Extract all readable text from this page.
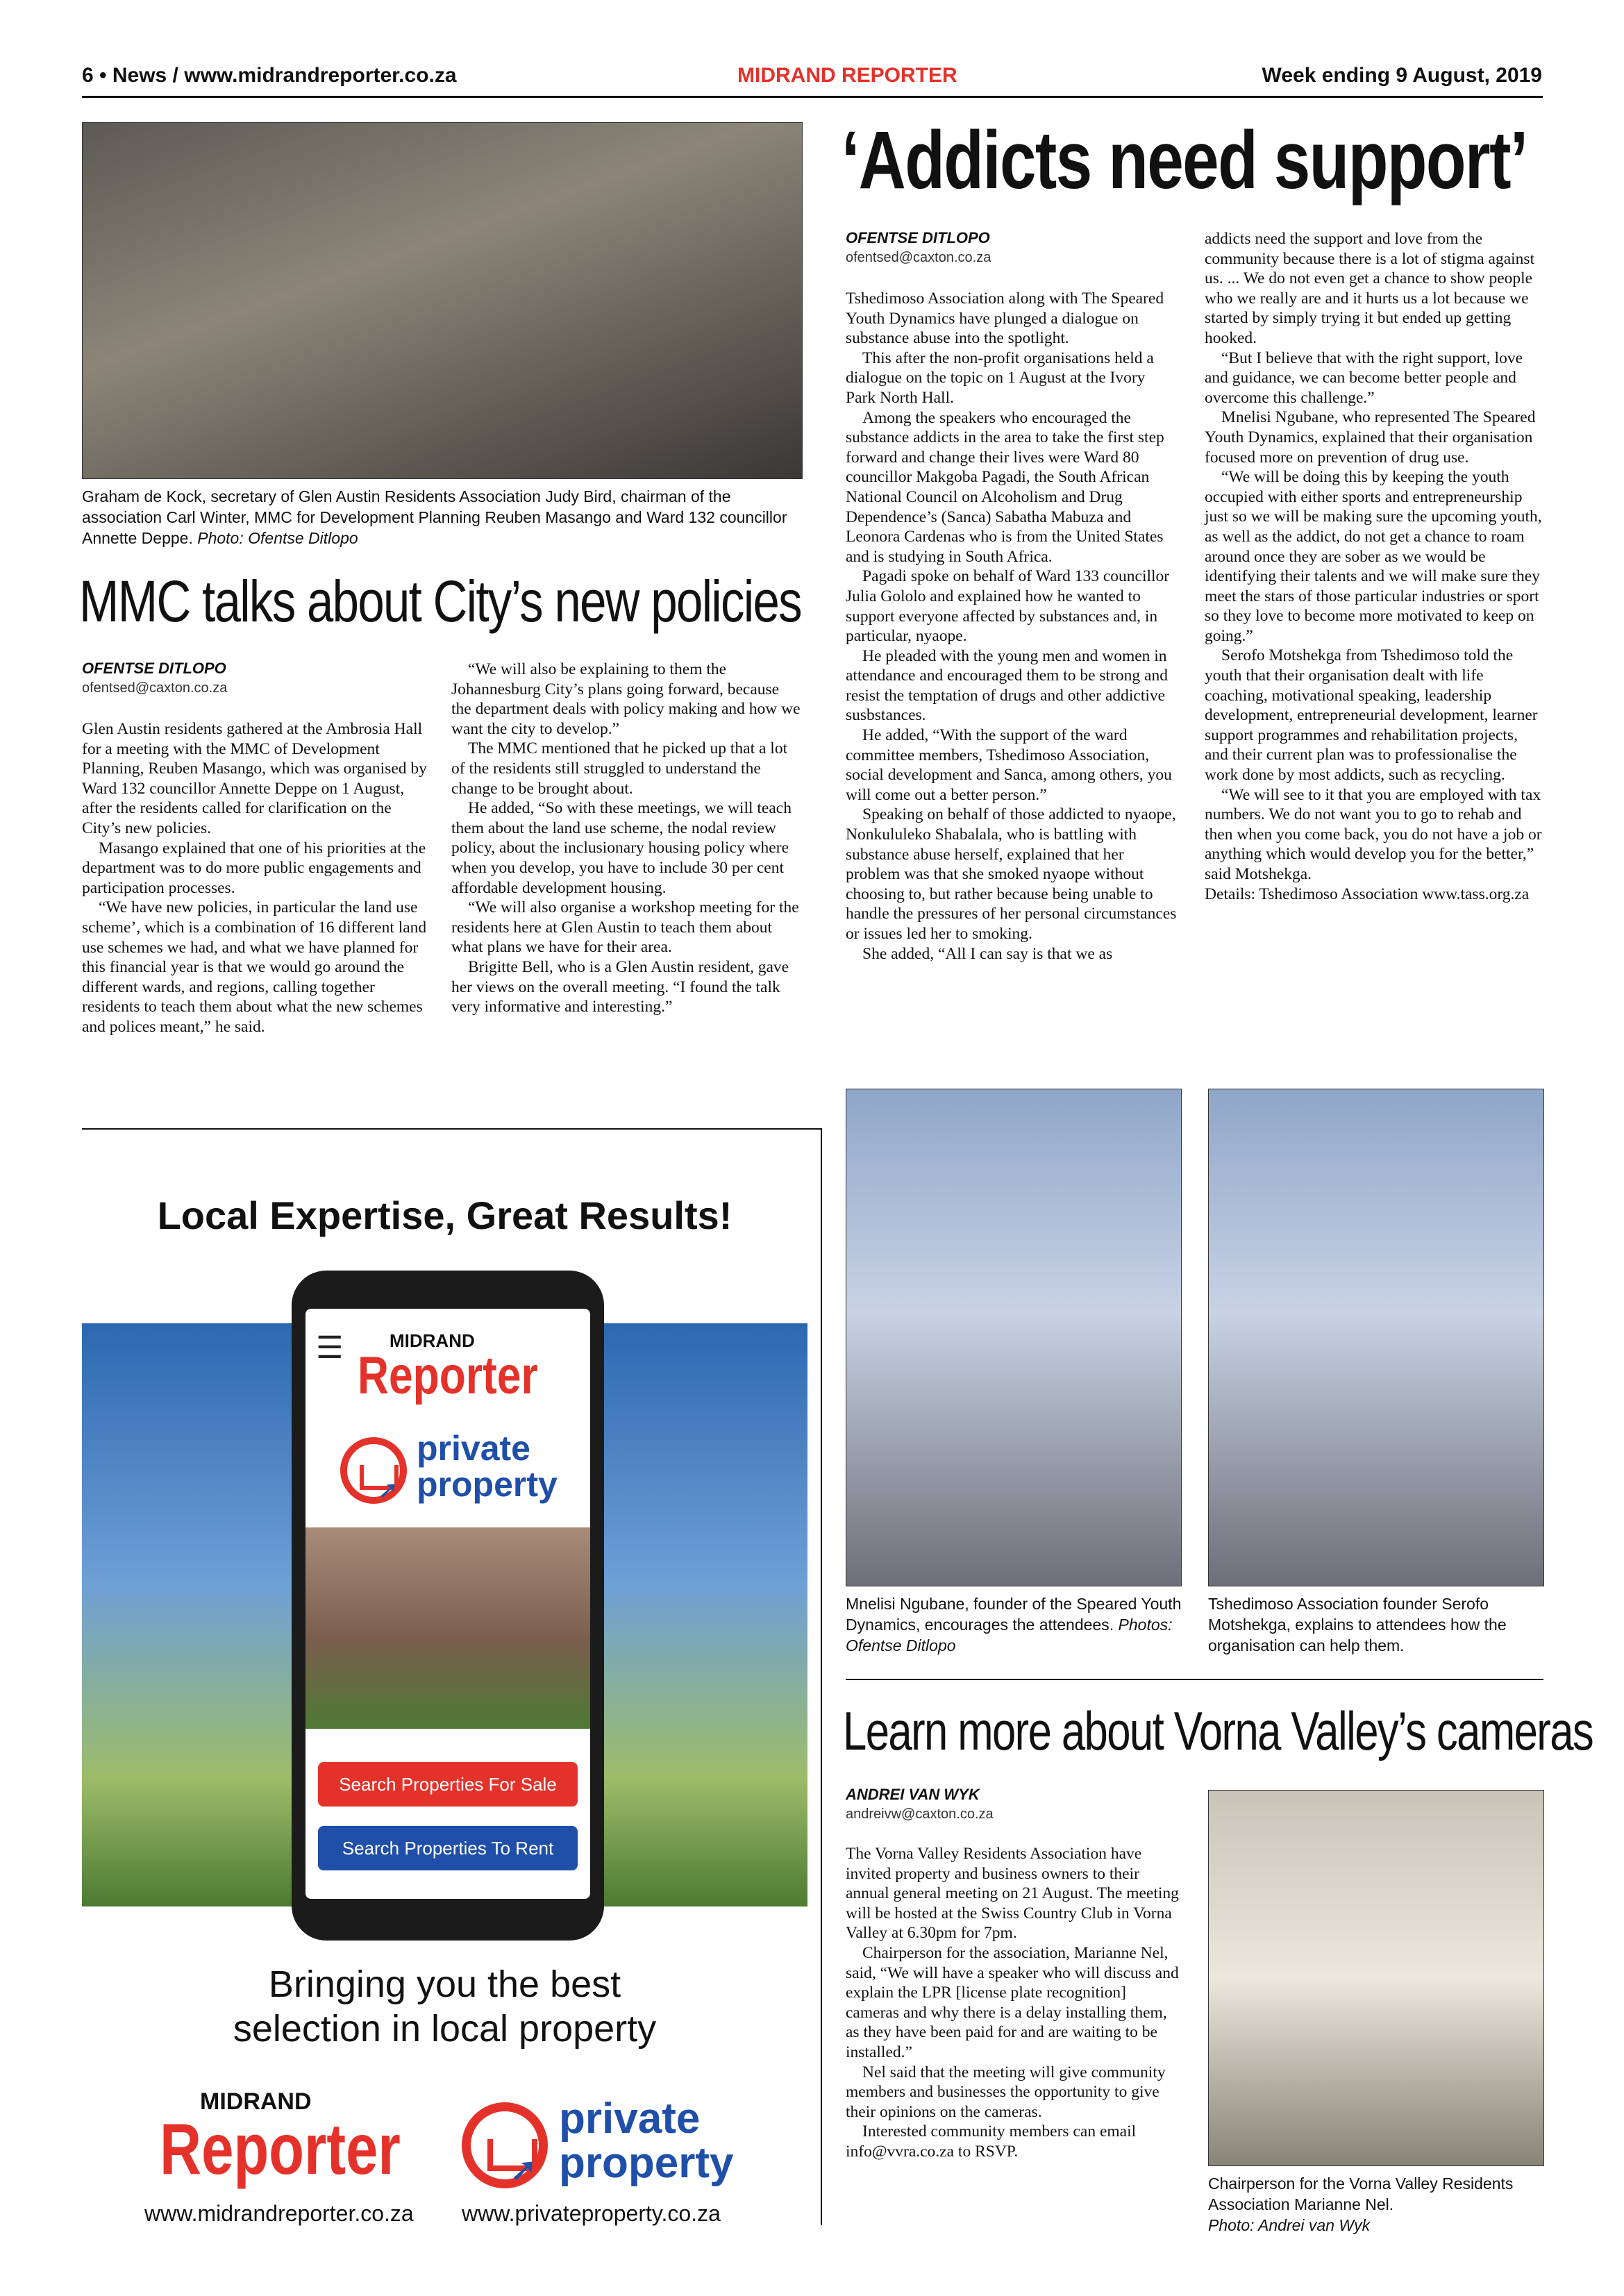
6 • News / www.midrandreporter.co.za	MIDRAND REPORTER	Week ending 9 August, 2019
Graham de Kock, secretary of Glen Austin Residents Association Judy Bird, chairman of the association Carl Winter, MMC for Development Planning Reuben Masango and Ward 132 councillor Annette Deppe. Photo: Ofentse Ditlopo
MMC talks about City’s new policies
OFENTSE DITLOPO
ofentsed@caxton.co.za

Glen Austin residents gathered at the Ambrosia Hall for a meeting with the MMC of Development Planning, Reuben Masango, which was organised by Ward 132 councillor Annette Deppe on 1 August, after the residents called for clarification on the City’s new policies.

Masango explained that one of his priorities at the department was to do more public engagements and participation processes.

“We have new policies, in particular the land use scheme’, which is a combination of 16 different land use schemes we had, and what we have planned for this financial year is that we would go around the different wards, and regions, calling together residents to teach them about what the new schemes and polices meant,” he said.

“We will also be explaining to them the Johannesburg City’s plans going forward, because the department deals with policy making and how we want the city to develop.”

The MMC mentioned that he picked up that a lot of the residents still struggled to understand the change to be brought about.

He added, “So with these meetings, we will teach them about the land use scheme, the nodal review policy, about the inclusionary housing policy where when you develop, you have to include 30 per cent affordable development housing.

“We will also organise a workshop meeting for the residents here at Glen Austin to teach them about what plans we have for their area.

Brigitte Bell, who is a Glen Austin resident, gave her views on the overall meeting. “I found the talk very informative and interesting.”

‘Addicts need support’
OFENTSE DITLOPO
ofentsed@caxton.co.za

Tshedimoso Association along with The Speared Youth Dynamics have plunged a dialogue on substance abuse into the spotlight.

This after the non-profit organisations held a dialogue on the topic on 1 August at the Ivory Park North Hall.

Among the speakers who encouraged the substance addicts in the area to take the first step forward and change their lives were Ward 80 councillor Makgoba Pagadi, the South African National Council on Alcoholism and Drug Dependence’s (Sanca) Sabatha Mabuza and Leonora Cardenas who is from the United States and is studying in South Africa.

Pagadi spoke on behalf of Ward 133 councillor Julia Gololo and explained how he wanted to support everyone affected by substances and, in particular, nyaope.

He pleaded with the young men and women in attendance and encouraged them to be strong and resist the temptation of drugs and other addictive susbstances.

He added, “With the support of the ward committee members, Tshedimoso Association, social development and Sanca, among others, you will come out a better person.”

Speaking on behalf of those addicted to nyaope, Nonkululeko Shabalala, who is battling with substance abuse herself, explained that her problem was that she smoked nyaope without choosing to, but rather because being unable to handle the pressures of her personal circumstances or issues led her to smoking.

She added, “All I can say is that we as

addicts need the support and love from the community because there is a lot of stigma against us. ... We do not even get a chance to show people who we really are and it hurts us a lot because we started by simply trying it but ended up getting hooked.

“But I believe that with the right support, love and guidance, we can become better people and overcome this challenge.”

Mnelisi Ngubane, who represented The Speared Youth Dynamics, explained that their organisation focused more on prevention of drug use.

“We will be doing this by keeping the youth occupied with either sports and entrepreneurship just so we will be making sure the upcoming youth, as well as the addict, do not get a chance to roam around once they are sober as we would be identifying their talents and we will make sure they meet the stars of those particular industries or sport so they love to become more motivated to keep on going.”

Serofo Motshekga from Tshedimoso told the youth that their organisation dealt with life coaching, motivational speaking, leadership development, entrepreneurial development, learner support programmes and rehabilitation projects, and their current plan was to professionalise the work done by most addicts, such as recycling.

“We will see to it that you are employed with tax numbers. We do not want you to go to rehab and then when you come back, you do not have a job or anything which would develop you for the better,” said Motshekga.

Details: Tshedimoso Association www.tass.org.za

Mnelisi Ngubane, founder of the Speared Youth Dynamics, encourages the attendees. Photos: Ofentse Ditlopo
Tshedimoso Association founder Serofo Motshekga, explains to attendees how the organisation can help them.
Learn more about Vorna Valley’s cameras
ANDREI VAN WYK
andreivw@caxton.co.za

The Vorna Valley Residents Association have invited property and business owners to their annual general meeting on 21 August. The meeting will be hosted at the Swiss Country Club in Vorna Valley at 6.30pm for 7pm.

Chairperson for the association, Marianne Nel, said, “We will have a speaker who will discuss and explain the LPR [license plate recognition] cameras and why there is a delay installing them, as they have been paid for and are waiting to be installed.”

Nel said that the meeting will give community members and businesses the opportunity to give their opinions on the cameras.

Interested community members can email info@vvra.co.za to RSVP.

Chairperson for the Vorna Valley Residents Association Marianne Nel.
Photo: Andrei van Wyk
Local Expertise, Great Results!
☰	MIDRAND
Reporter
➚
private
property
Search Properties For Sale
Search Properties To Rent
Bringing you the best
selection in local property
MIDRAND
Reporter	➚
private
property
www.midrandreporter.co.za www.privateproperty.co.za
